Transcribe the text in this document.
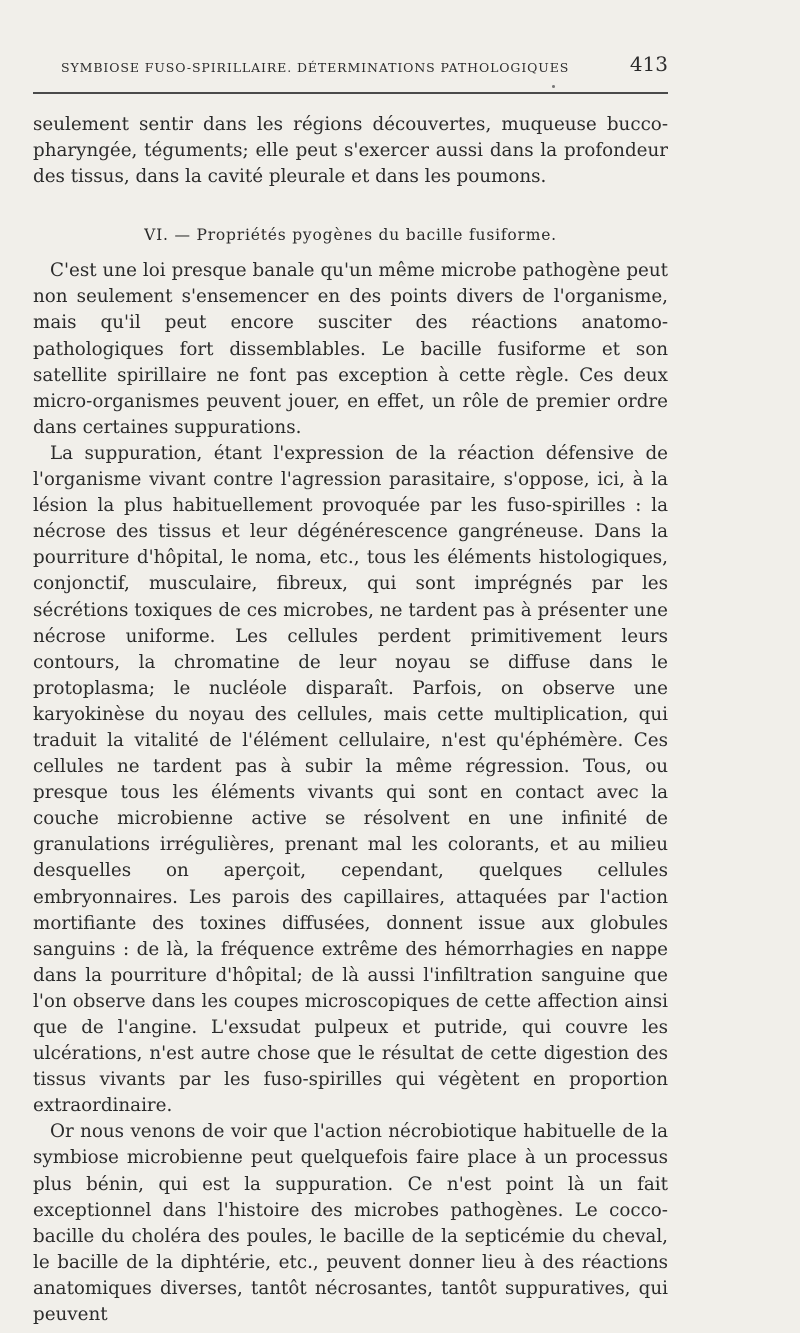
SYMBIOSE FUSO-SPIRILLAIRE. DÉTERMINATIONS PATHOLOGIQUES	413

seulement sentir dans les régions découvertes, muqueuse bucco-pharyngée, téguments; elle peut s'exercer aussi dans la profondeur des tissus, dans la cavité pleurale et dans les poumons.

VI. — Propriétés pyogènes du bacille fusiforme.

C'est une loi presque banale qu'un même microbe pathogène peut non seulement s'ensemencer en des points divers de l'organisme, mais qu'il peut encore susciter des réactions anatomo-pathologiques fort dissemblables. Le bacille fusiforme et son satellite spirillaire ne font pas exception à cette règle. Ces deux micro-organismes peuvent jouer, en effet, un rôle de premier ordre dans certaines suppurations.

La suppuration, étant l'expression de la réaction défensive de l'organisme vivant contre l'agression parasitaire, s'oppose, ici, à la lésion la plus habituellement provoquée par les fuso-spirilles : la nécrose des tissus et leur dégénérescence gangréneuse. Dans la pourriture d'hôpital, le noma, etc., tous les éléments histologiques, conjonctif, musculaire, fibreux, qui sont imprégnés par les sécrétions toxiques de ces microbes, ne tardent pas à présenter une nécrose uniforme. Les cellules perdent primitivement leurs contours, la chromatine de leur noyau se diffuse dans le protoplasma; le nucléole disparaît. Parfois, on observe une karyokinèse du noyau des cellules, mais cette multiplication, qui traduit la vitalité de l'élément cellulaire, n'est qu'éphémère. Ces cellules ne tardent pas à subir la même régression. Tous, ou presque tous les éléments vivants qui sont en contact avec la couche microbienne active se résolvent en une infinité de granulations irrégulières, prenant mal les colorants, et au milieu desquelles on aperçoit, cependant, quelques cellules embryonnaires. Les parois des capillaires, attaquées par l'action mortifiante des toxines diffusées, donnent issue aux globules sanguins : de là, la fréquence extrême des hémorrhagies en nappe dans la pourriture d'hôpital; de là aussi l'infiltration sanguine que l'on observe dans les coupes microscopiques de cette affection ainsi que de l'angine. L'exsudat pulpeux et putride, qui couvre les ulcérations, n'est autre chose que le résultat de cette digestion des tissus vivants par les fuso-spirilles qui végètent en proportion extraordinaire.

Or nous venons de voir que l'action nécrobiotique habituelle de la symbiose microbienne peut quelquefois faire place à un processus plus bénin, qui est la suppuration. Ce n'est point là un fait exceptionnel dans l'histoire des microbes pathogènes. Le cocco-bacille du choléra des poules, le bacille de la septicémie du cheval, le bacille de la diphtérie, etc., peuvent donner lieu à des réactions anatomiques diverses, tantôt nécrosantes, tantôt suppuratives, qui peuvent
